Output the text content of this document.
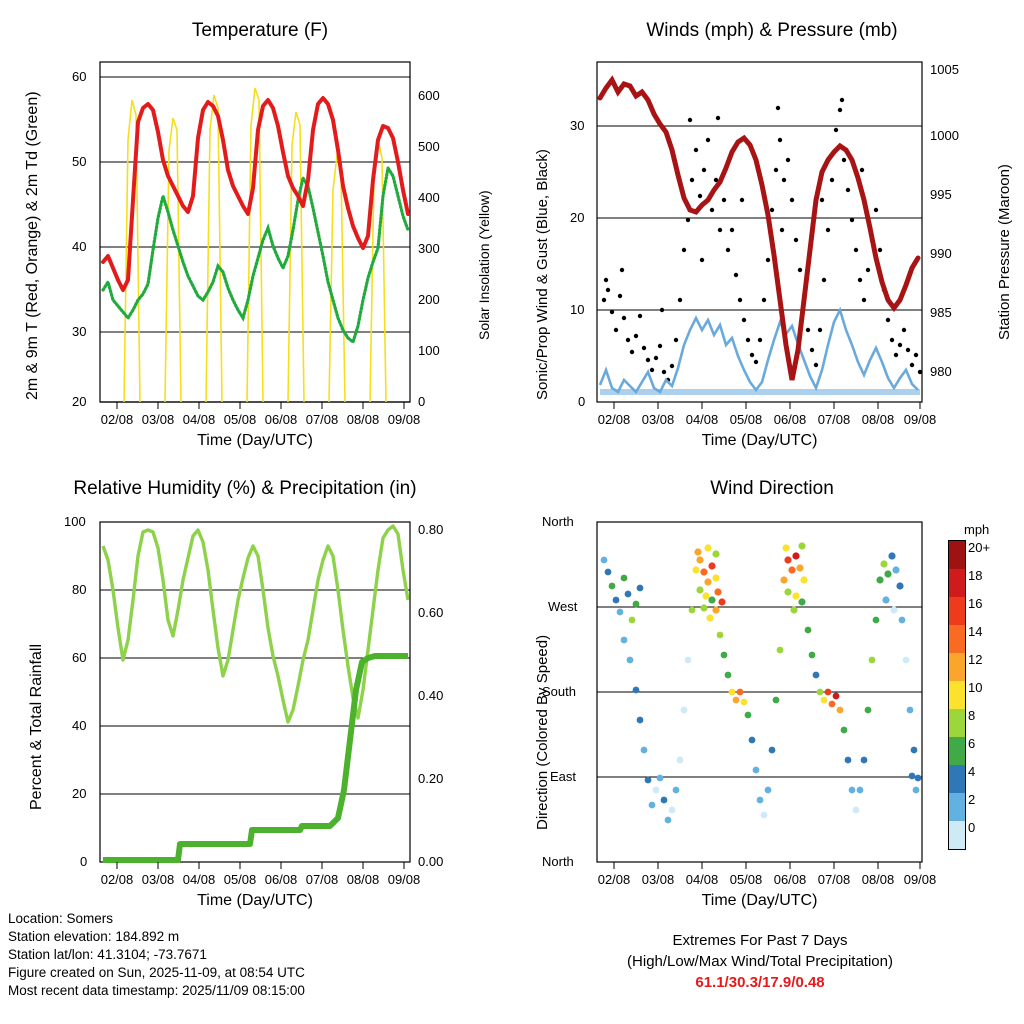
Temperature (F)
20
30
40
50
60
0
100
200
300
400
500
600
02/08 03/08 04/08 05/08 06/08 07/08 08/08 09/08
Time (Day/UTC)
2m & 9m T (Red, Orange) & 2m Td (Green)	Solar Insolation (Yellow)
Winds (mph) & Pressure (mb)
0
10
20
30
980
985
990
995
1000
1005
02/08 03/08 04/08 05/08 06/08 07/08 08/08 09/08
Time (Day/UTC)
Sonic/Prop Wind & Gust (Blue, Black)	Station Pressure (Maroon)
Relative Humidity (%) & Precipitation (in)
0
20
40
60
80
100
0.00
0.20
0.40
0.60
0.80
02/08 03/08 04/08 05/08 06/08 07/08 08/08 09/08
Time (Day/UTC)
Percent & Total Rainfall
Wind Direction
North
West
South
East
North
02/08 03/08 04/08 05/08 06/08 07/08 08/08 09/08
Time (Day/UTC)
Direction (Colored By Speed)
mph
20+
18
16
14
12
10
8
6
4
2
0
Location: Somers
Station elevation: 184.892 m
Station lat/lon: 41.3104; -73.7671
Figure created on Sun, 2025-11-09, at 08:54 UTC
Most recent data timestamp: 2025/11/09 08:15:00
Extremes For Past 7 Days
(High/Low/Max Wind/Total Precipitation)
61.1/30.3/17.9/0.48
